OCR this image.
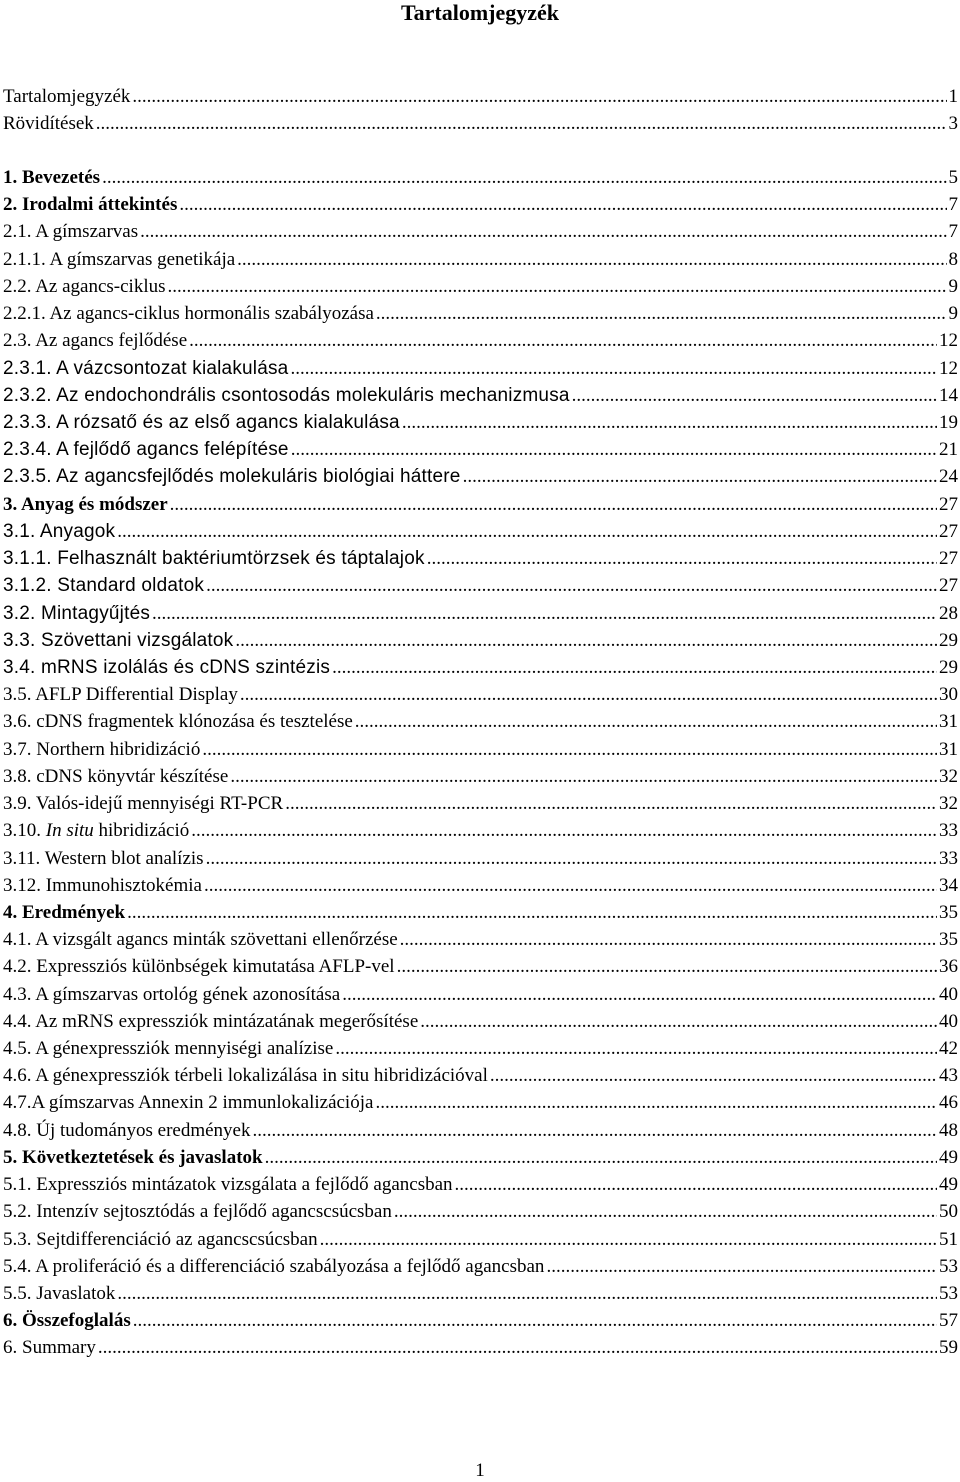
Tartalomjegyzék
Tartalomjegyzék .....	1
Rövidítések .....	3
1. Bevezetés .....	5
2. Irodalmi áttekintés .....	7
2.1. A gímszarvas .....	7
2.1.1. A gímszarvas genetikája .....	8
2.2. Az agancs-ciklus .....	9
2.2.1. Az agancs-ciklus hormonális szabályozása .....	9
2.3. Az agancs fejlődése .....	12
2.3.1. A vázcsontozat kialakulása .....	12
2.3.2. Az endochondrális csontosodás molekuláris mechanizmusa .....	14
2.3.3. A rózsatő és az első agancs kialakulása .....	19
2.3.4. A fejlődő agancs felépítése .....	21
2.3.5. Az agancsfejlődés molekuláris biológiai háttere .....	24
3. Anyag és módszer .....	27
3.1. Anyagok .....	27
3.1.1. Felhasznált baktériumtörzsek és táptalajok .....	27
3.1.2. Standard oldatok .....	27
3.2. Mintagyűjtés .....	28
3.3. Szövettani vizsgálatok .....	29
3.4. mRNS izolálás és cDNS szintézis .....	29
3.5. AFLP Differential Display .....	30
3.6. cDNS fragmentek klónozása és tesztelése .....	31
3.7. Northern hibridizáció .....	31
3.8. cDNS könyvtár készítése .....	32
3.9. Valós-idejű mennyiségi RT-PCR .....	32
3.10. In situ hibridizáció .....	33
3.11. Western blot analízis .....	33
3.12. Immunohisztokémia .....	34
4. Eredmények .....	35
4.1. A vizsgált agancs minták szövettani ellenőrzése .....	35
4.2. Expressziós különbségek kimutatása AFLP-vel .....	36
4.3. A gímszarvas ortológ gének azonosítása .....	40
4.4. Az mRNS expressziók mintázatának megerősítése .....	40
4.5. A génexpressziók mennyiségi analízise .....	42
4.6. A génexpressziók térbeli lokalizálása in situ hibridizációval .....	43
4.7.A gímszarvas Annexin 2 immunlokalizációja .....	46
4.8. Új tudományos eredmények .....	48
5. Következtetések és javaslatok .....	49
5.1. Expressziós mintázatok vizsgálata a fejlődő agancsban .....	49
5.2. Intenzív sejtosztódás a fejlődő agancscsúcsban .....	50
5.3. Sejtdifferenciáció az agancscsúcsban .....	51
5.4. A proliferáció és a differenciáció szabályozása a fejlődő agancsban .....	53
5.5. Javaslatok .....	53
6. Összefoglalás .....	57
6. Summary .....	59
1
